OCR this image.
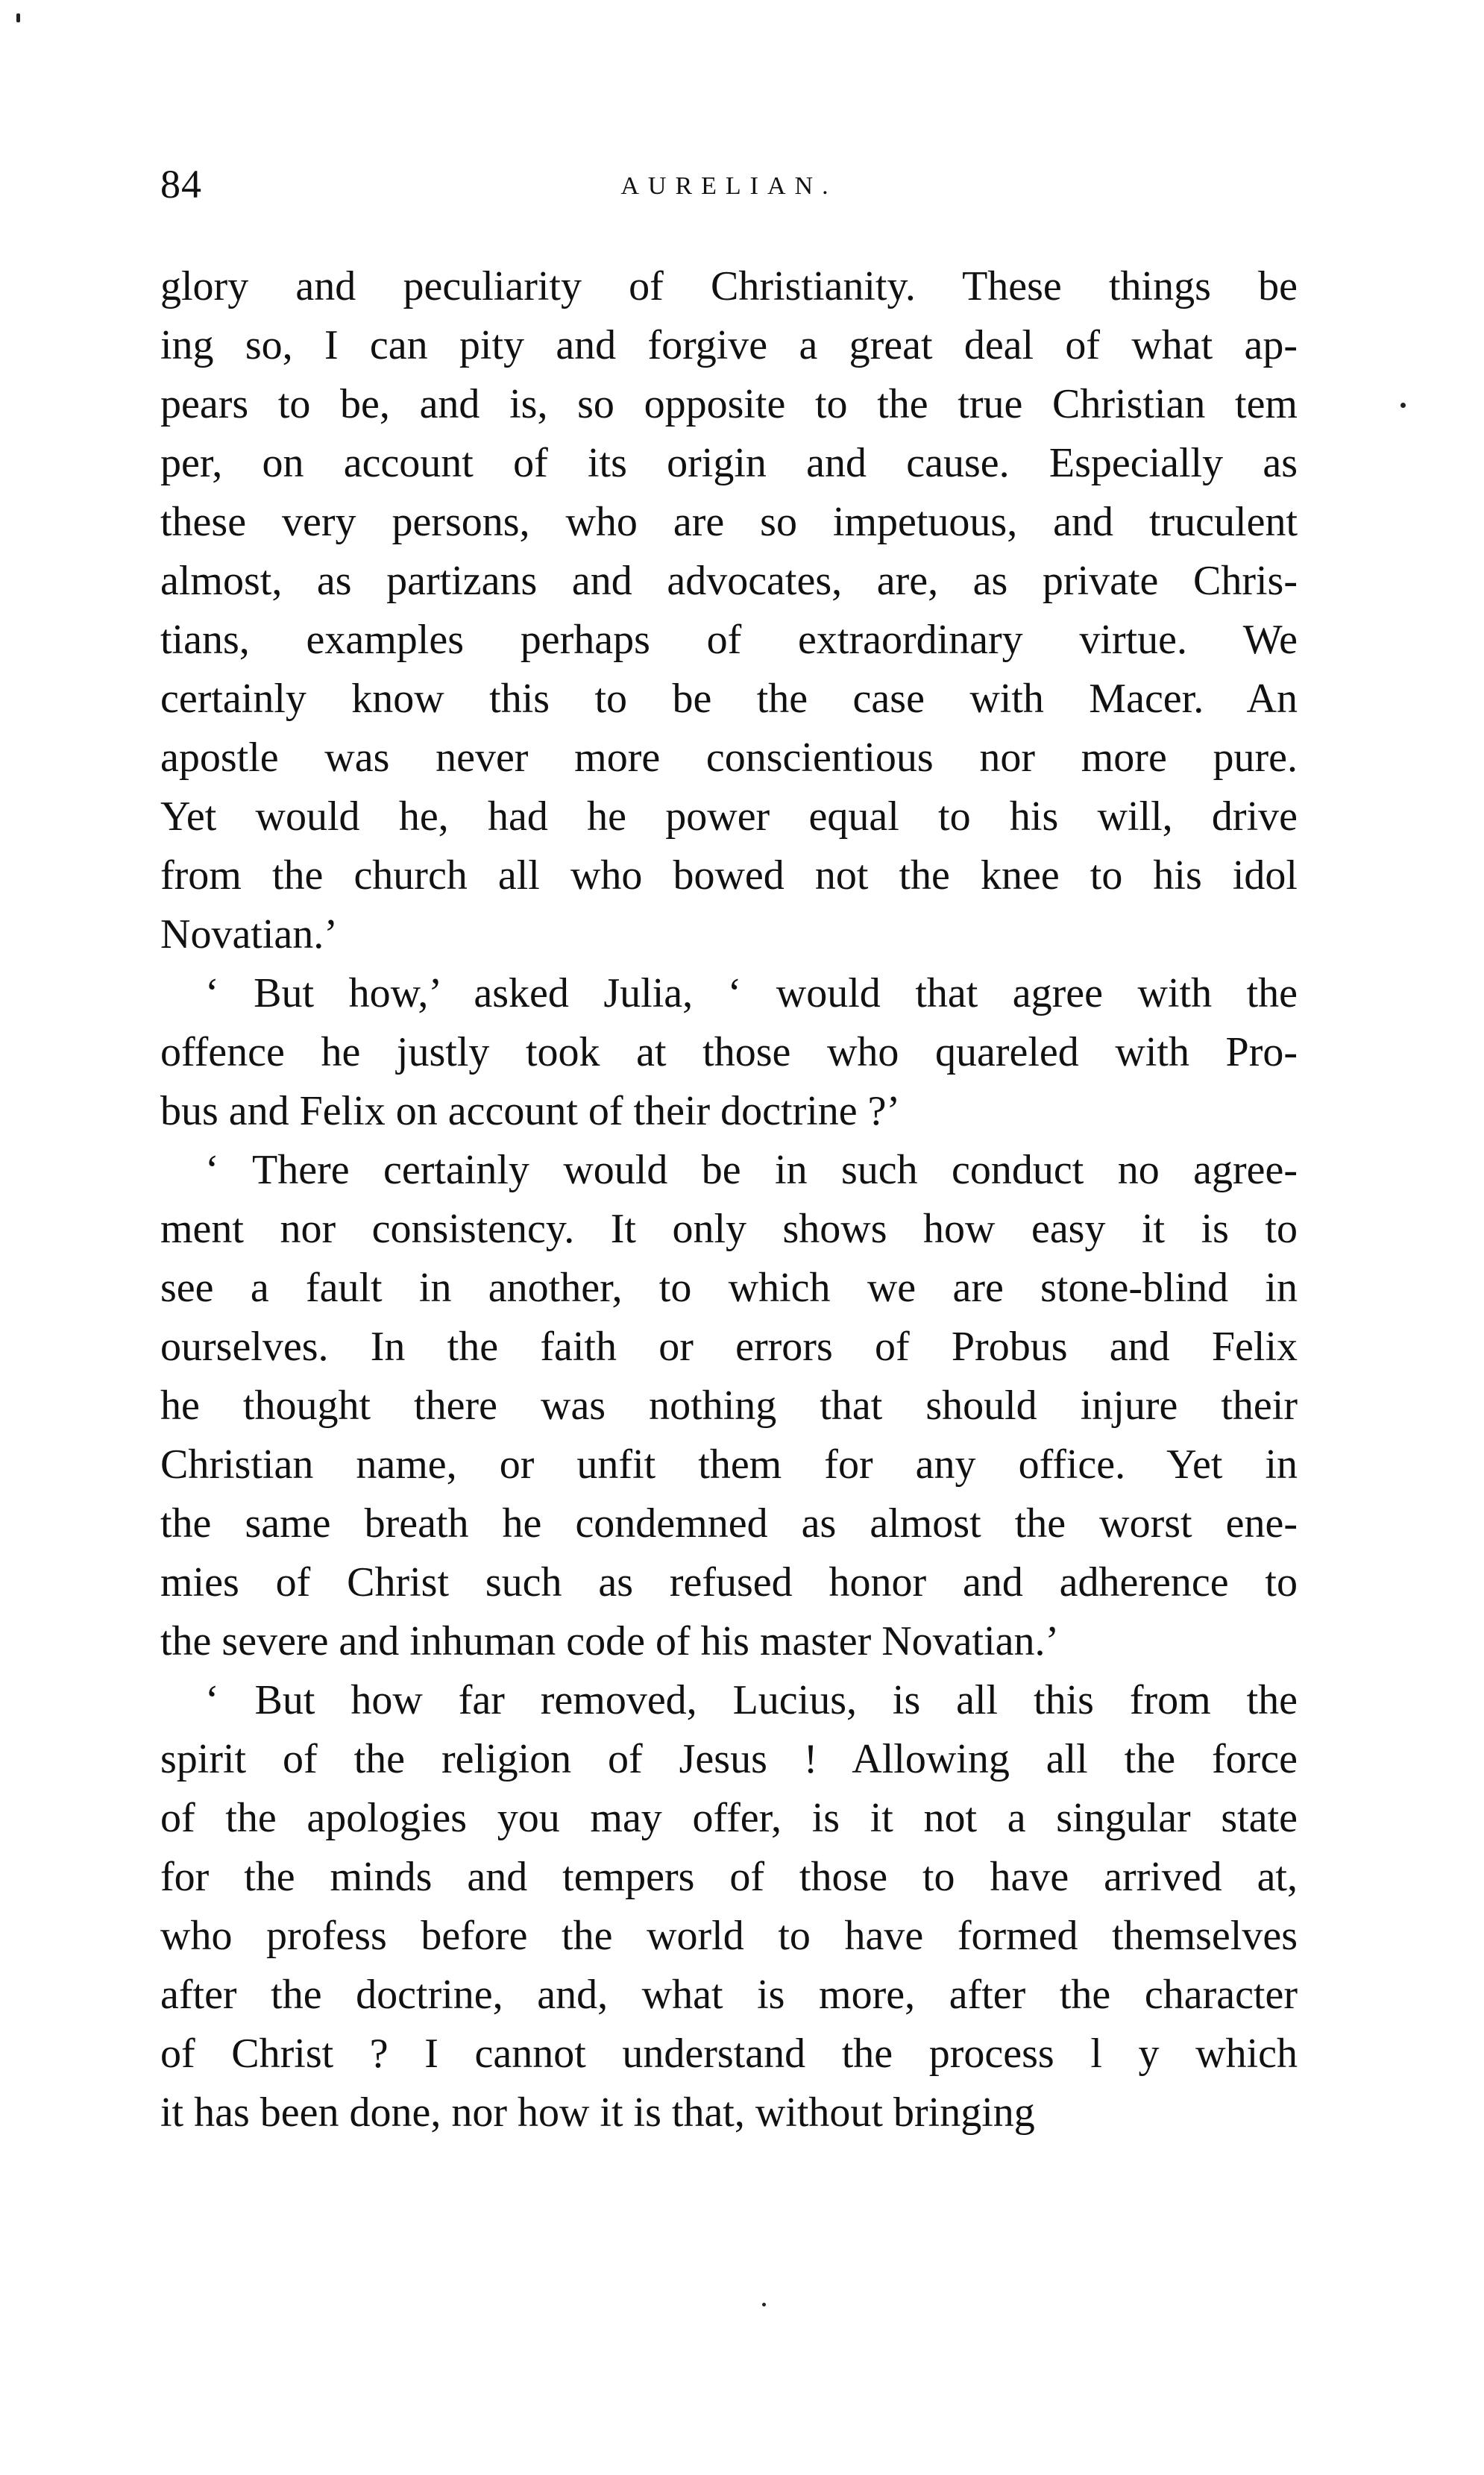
84	AURELIAN.
glory and peculiarity of Christianity. These things be
ing so, I can pity and forgive a great deal of what ap-
pears to be, and is, so opposite to the true Christian tem
per, on account of its origin and cause. Especially as
these very persons, who are so impetuous, and truculent
almost, as partizans and advocates, are, as private Chris-
tians, examples perhaps of extraordinary virtue. We
certainly know this to be the case with Macer. An
apostle was never more conscientious nor more pure.
Yet would he, had he power equal to his will, drive
from the church all who bowed not the knee to his idol
Novatian.’
‘ But how,’ asked Julia, ‘ would that agree with the
offence he justly took at those who quareled with Pro-
bus and Felix on account of their doctrine ?’
‘ There certainly would be in such conduct no agree-
ment nor consistency. It only shows how easy it is to
see a fault in another, to which we are stone-blind in
ourselves. In the faith or errors of Probus and Felix
he thought there was nothing that should injure their
Christian name, or unfit them for any office. Yet in
the same breath he condemned as almost the worst ene-
mies of Christ such as refused honor and adherence to
the severe and inhuman code of his master Novatian.’
‘ But how far removed, Lucius, is all this from the
spirit of the religion of Jesus ! Allowing all the force
of the apologies you may offer, is it not a singular state
for the minds and tempers of those to have arrived at,
who profess before the world to have formed themselves
after the doctrine, and, what is more, after the character
of Christ ? I cannot understand the process l y which
it has been done, nor how it is that, without bringing
